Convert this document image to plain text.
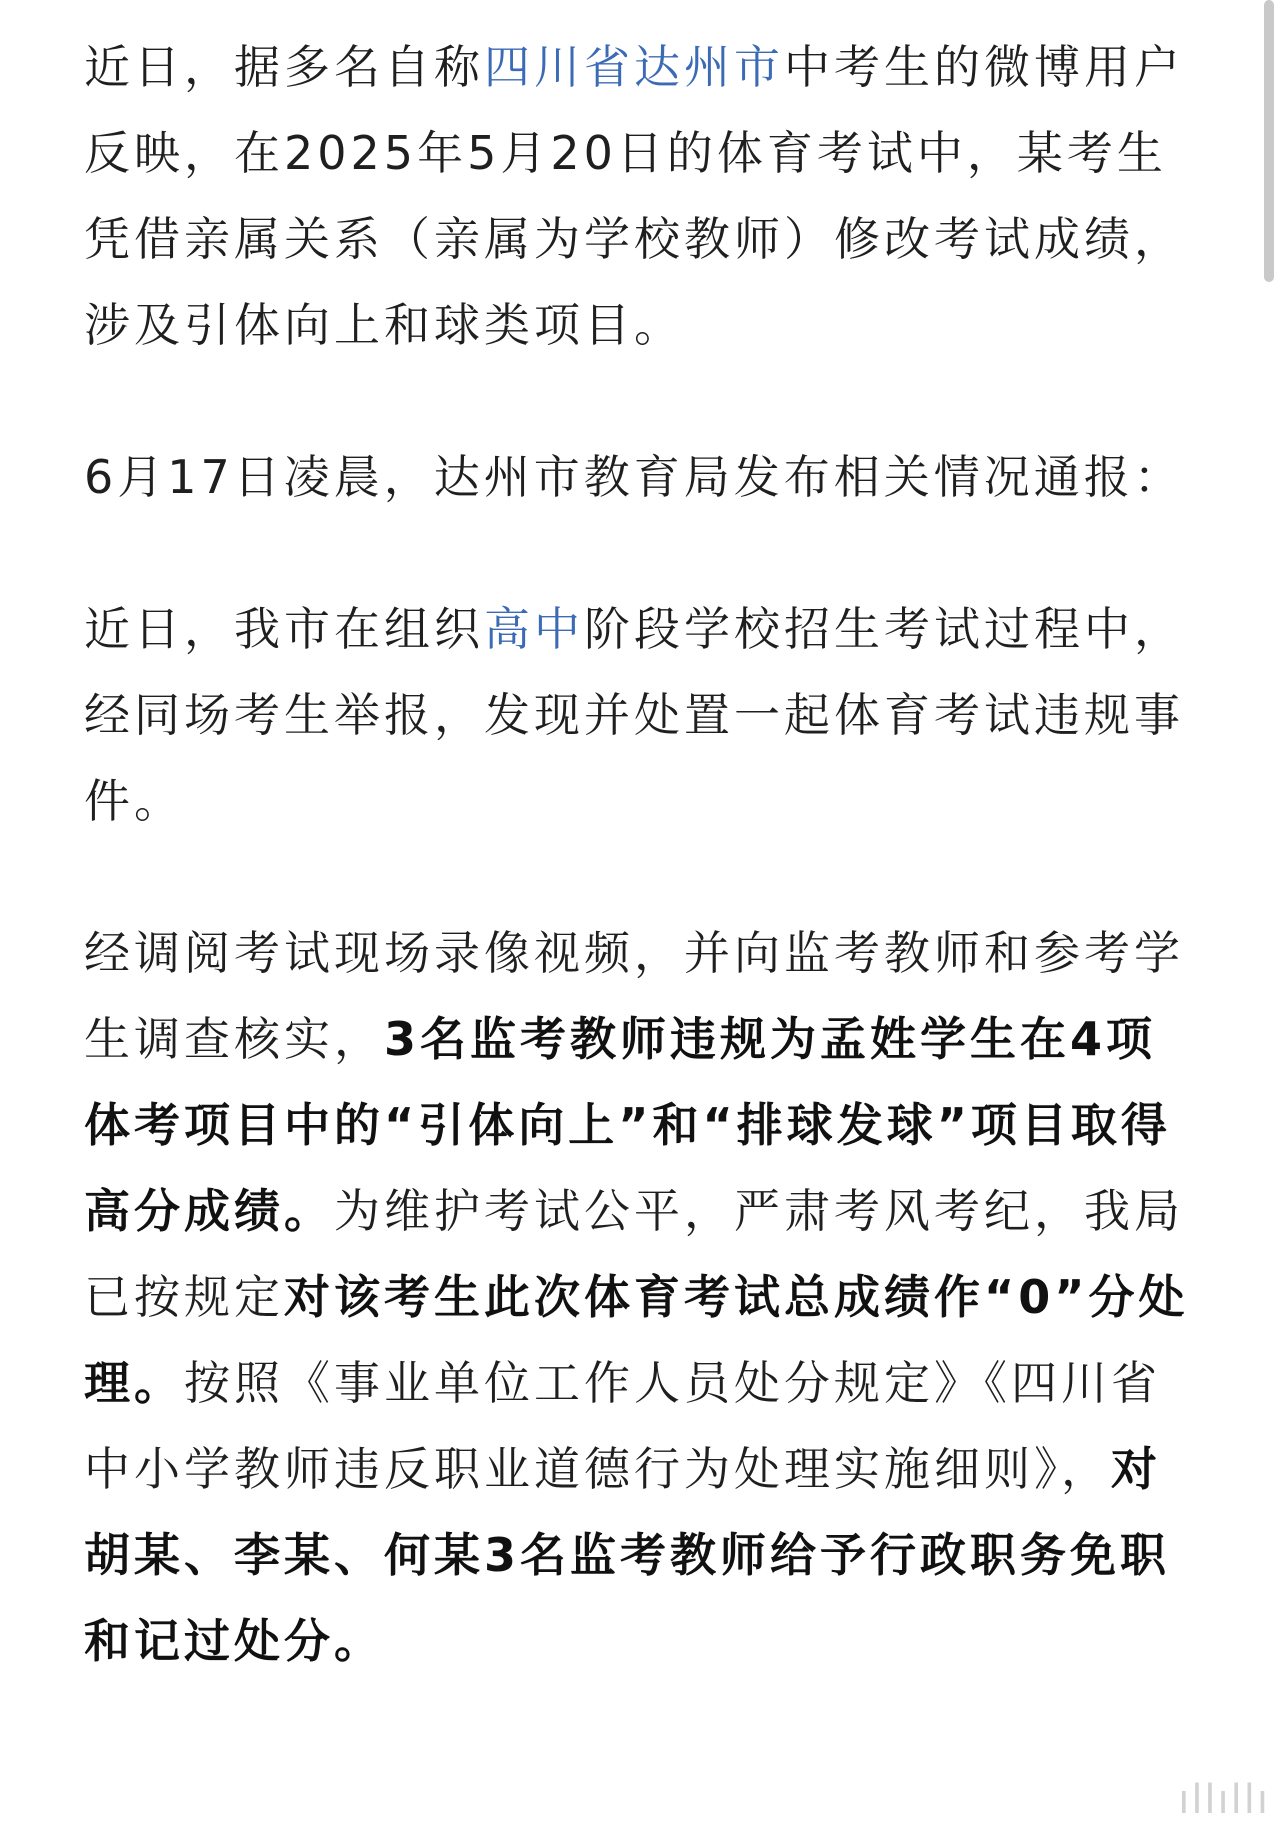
近日，据多名自称四川省达州市中考生的微博用户反映，在2025年5月20日的体育考试中，某考生凭借亲属关系（亲属为学校教师）修改考试成绩，涉及引体向上和球类项目。

6月17日凌晨，达州市教育局发布相关情况通报：

近日，我市在组织高中阶段学校招生考试过程中，经同场考生举报，发现并处置一起体育考试违规事件。

经调阅考试现场录像视频，并向监考教师和参考学生调查核实，3名监考教师违规为孟姓学生在4项体考项目中的“引体向上”和“排球发球”项目取得高分成绩。为维护考试公平，严肃考风考纪，我局已按规定对该考生此次体育考试总成绩作“0”分处理。按照《事业单位工作人员处分规定》《四川省中小学教师违反职业道德行为处理实施细则》，对胡某、李某、何某3名监考教师给予行政职务免职和记过处分。

ıllıllı
